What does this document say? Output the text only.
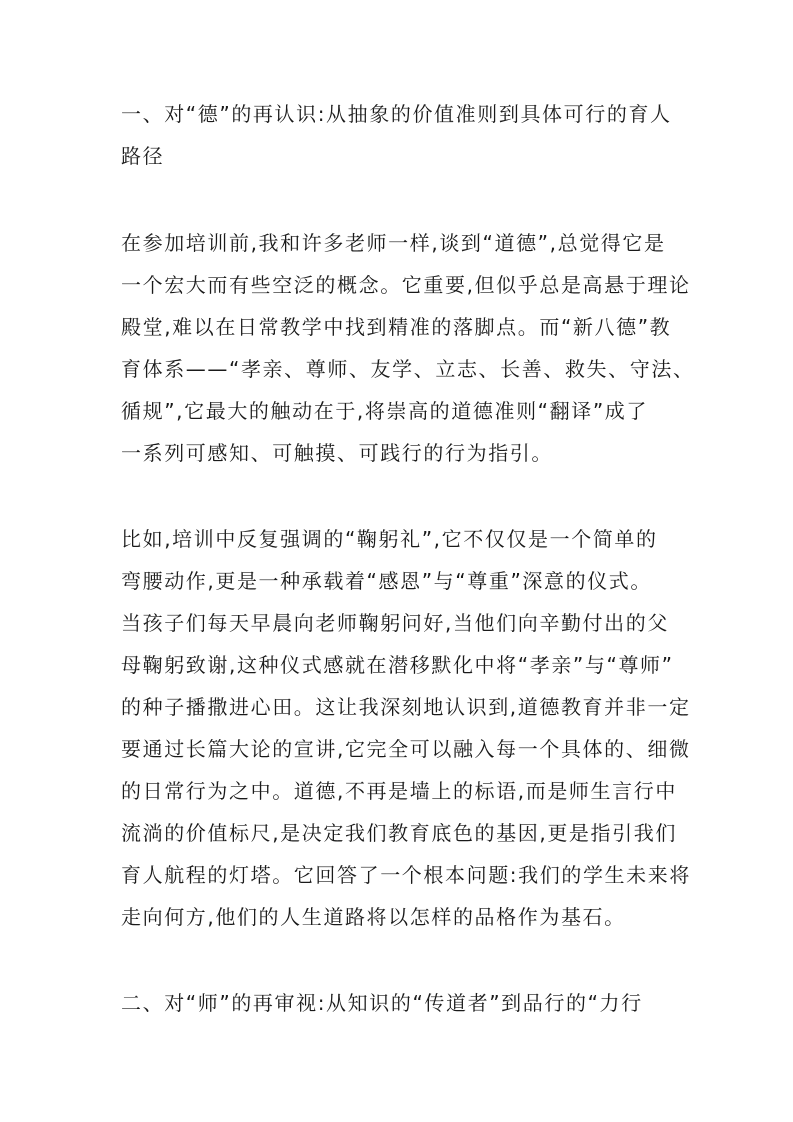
一、对“德”的再认识:从抽象的价值准则到具体可行的育人

路径

在参加培训前,我和许多老师一样,谈到“道德”,总觉得它是

一个宏大而有些空泛的概念。它重要,但似乎总是高悬于理论

殿堂,难以在日常教学中找到精准的落脚点。而“新八德”教

育体系——“孝亲、尊师、友学、立志、长善、救失、守法、

循规”,它最大的触动在于,将崇高的道德准则“翻译”成了

一系列可感知、可触摸、可践行的行为指引。

比如,培训中反复强调的“鞠躬礼”,它不仅仅是一个简单的

弯腰动作,更是一种承载着“感恩”与“尊重”深意的仪式。

当孩子们每天早晨向老师鞠躬问好,当他们向辛勤付出的父

母鞠躬致谢,这种仪式感就在潜移默化中将“孝亲”与“尊师”

的种子播撒进心田。这让我深刻地认识到,道德教育并非一定

要通过长篇大论的宣讲,它完全可以融入每一个具体的、细微

的日常行为之中。道德,不再是墙上的标语,而是师生言行中

流淌的价值标尺,是决定我们教育底色的基因,更是指引我们

育人航程的灯塔。它回答了一个根本问题:我们的学生未来将

走向何方,他们的人生道路将以怎样的品格作为基石。

二、对“师”的再审视:从知识的“传道者”到品行的“力行
